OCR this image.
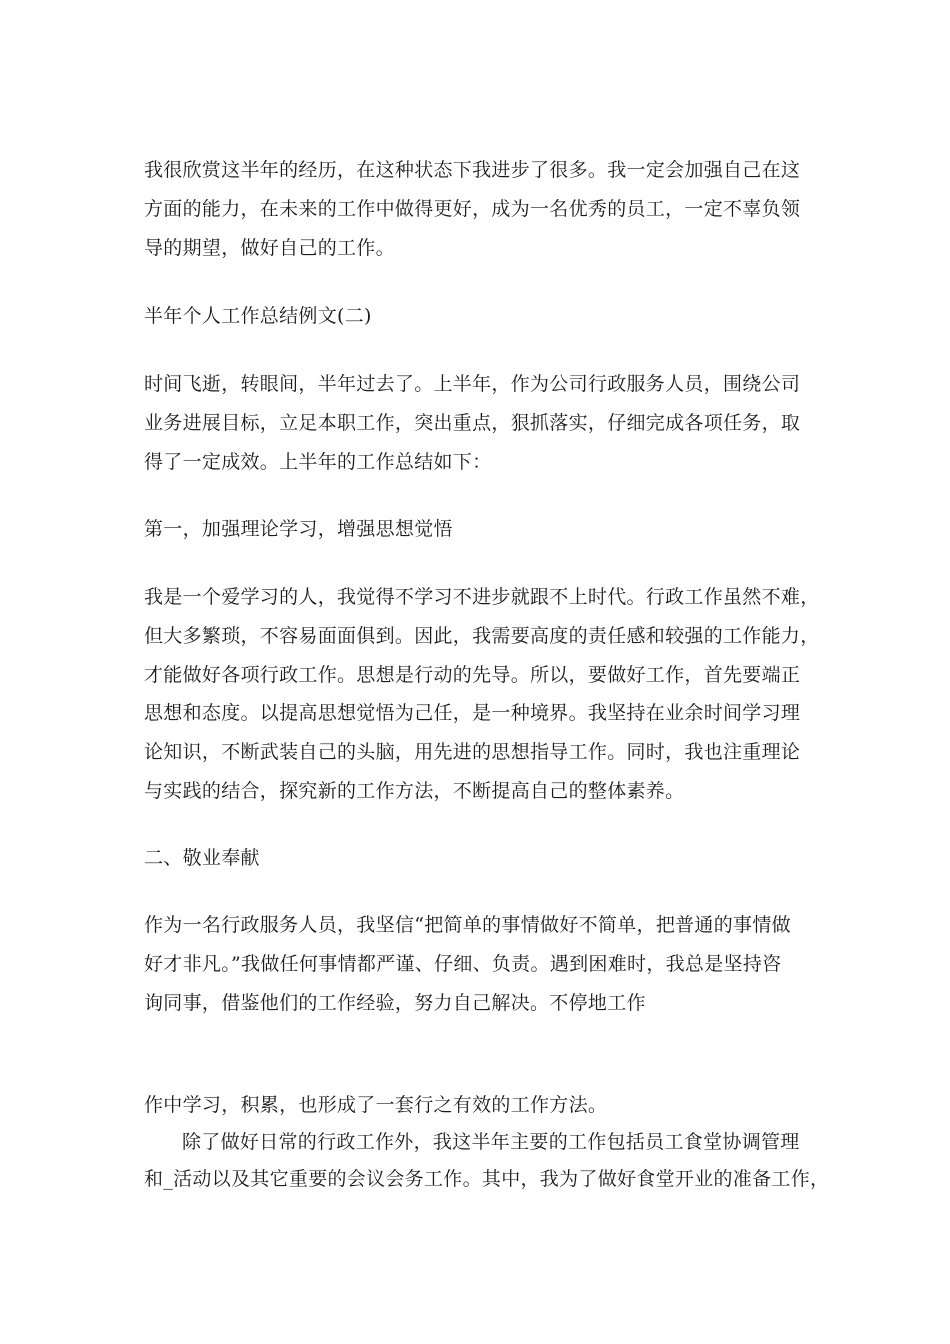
我很欣赏这半年的经历，在这种状态下我进步了很多。我一定会加强自己在这
方面的能力，在未来的工作中做得更好，成为一名优秀的员工，一定不辜负领
导的期望，做好自己的工作。
半年个人工作总结例文(二)
时间飞逝，转眼间，半年过去了。上半年，作为公司行政服务人员，围绕公司
业务进展目标，立足本职工作，突出重点，狠抓落实，仔细完成各项任务，取
得了一定成效。上半年的工作总结如下：
第一，加强理论学习，增强思想觉悟
我是一个爱学习的人，我觉得不学习不进步就跟不上时代。行政工作虽然不难，
但大多繁琐，不容易面面俱到。因此，我需要高度的责任感和较强的工作能力，
才能做好各项行政工作。思想是行动的先导。所以，要做好工作，首先要端正
思想和态度。以提高思想觉悟为己任，是一种境界。我坚持在业余时间学习理
论知识，不断武装自己的头脑，用先进的思想指导工作。同时，我也注重理论
与实践的结合，探究新的工作方法，不断提高自己的整体素养。
二、敬业奉献
作为一名行政服务人员，我坚信“把简单的事情做好不简单，把普通的事情做
好才非凡。”我做任何事情都严谨、仔细、负责。遇到困难时，我总是坚持咨
询同事，借鉴他们的工作经验，努力自己解决。不停地工作
作中学习，积累，也形成了一套行之有效的工作方法。
除了做好日常的行政工作外，我这半年主要的工作包括员工食堂协调管理
和_活动以及其它重要的会议会务工作。其中，我为了做好食堂开业的准备工作，
